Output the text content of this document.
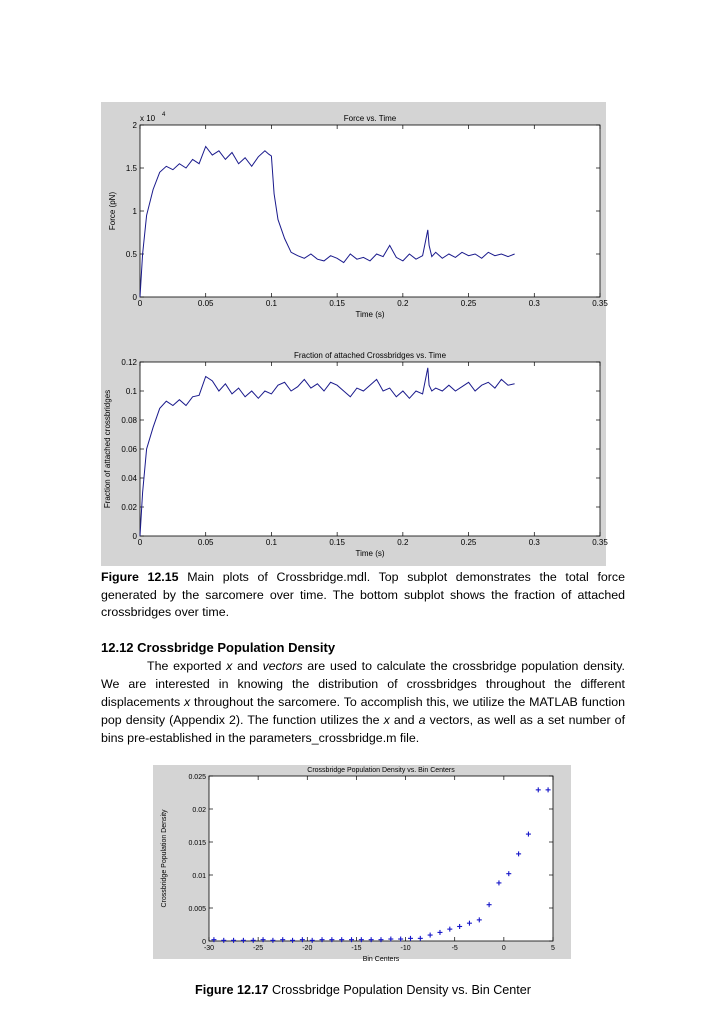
0	0.05	0.1	0.15	0.2	0.25	0.3	0.35
0
0.5
1
1.5
2
Force vs. Time
Time (s)
Force (pN)
x 10 4
0	0.05	0.1	0.15	0.2	0.25	0.3	0.35
0
0.02
0.04
0.06
0.08
0.1
0.12
Fraction of attached Crossbridges vs. Time
Time (s)
Fraction of attached crossbridges
Figure 12.15 Main plots of Crossbridge.mdl. Top subplot demonstrates the total force generated by the sarcomere over time. The bottom subplot shows the fraction of attached crossbridges over time.
12.12 Crossbridge Population Density
The exported x and vectors are used to calculate the crossbridge population density. We are interested in knowing the distribution of crossbridges throughout the different displacements x throughout the sarcomere. To accomplish this, we utilize the MATLAB function pop density (Appendix 2). The function utilizes the x and a vectors, as well as a set number of bins pre-established in the parameters_crossbridge.m file.
-30	-25	-20	-15	-10	-5	0	5
0
0.005
0.01
0.015
0.02
0.025
Crossbridge Population Density vs. Bin Centers
Bin Centers
Crossbridge Population Density
Figure 12.17 Crossbridge Population Density vs. Bin Center
